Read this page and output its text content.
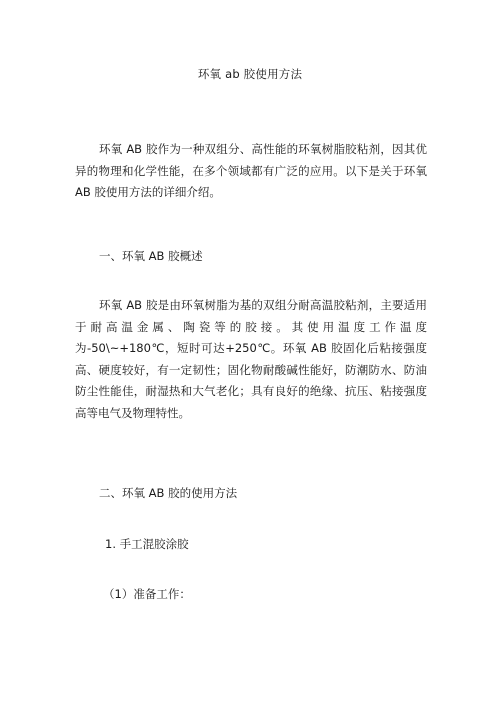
环氧 ab 胶使用方法

环氧 AB 胶作为一种双组分、高性能的环氧树脂胶粘剂，因其优异的物理和化学性能，在多个领域都有广泛的应用。以下是关于环氧 AB 胶使用方法的详细介绍。

一、环氧 AB 胶概述

环氧 AB 胶是由环氧树脂为基的双组分耐高温胶粘剂，主要适用于耐高温金属、陶瓷等的胶接。其使用温度工作温度为-50\~+180℃，短时可达+250℃。环氧 AB 胶固化后粘接强度高、硬度较好，有一定韧性；固化物耐酸碱性能好，防潮防水、防油防尘性能佳，耐湿热和大气老化；具有良好的绝缘、抗压、粘接强度高等电气及物理特性。

二、环氧 AB 胶的使用方法

1. 手工混胶涂胶

（1）准备工作：
